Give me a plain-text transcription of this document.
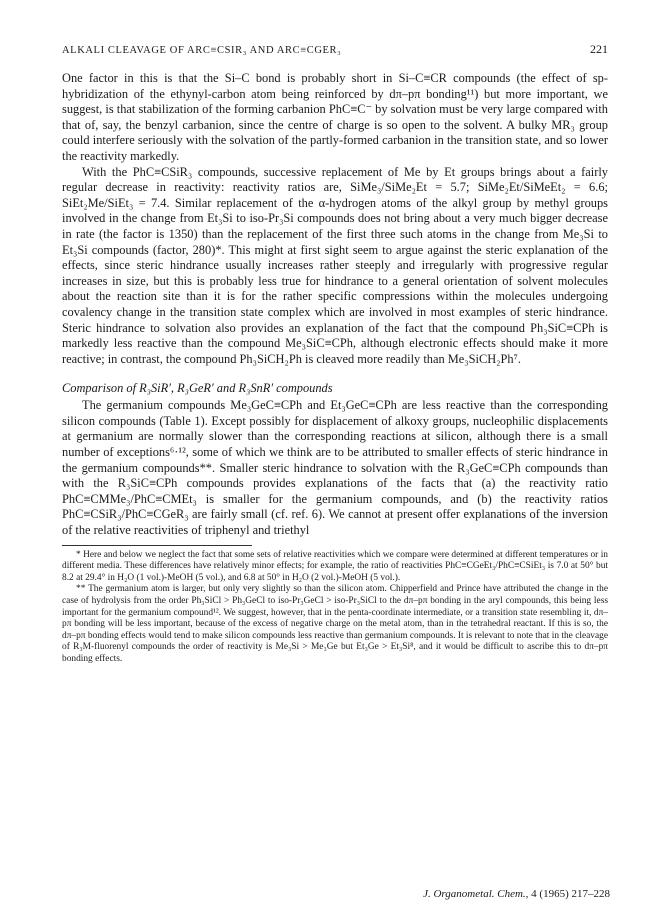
ALKALI CLEAVAGE OF ARC≡CSIR₃ AND ARC≡CGER₃	221

One factor in this is that the Si–C bond is probably short in Si–C≡CR compounds (the effect of sp-hybridization of the ethynyl-carbon atom being reinforced by dπ–pπ bonding¹¹) but more important, we suggest, is that stabilization of the forming carbanion PhC≡C⁻ by solvation must be very large compared with that of, say, the benzyl carbanion, since the centre of charge is so open to the solvent. A bulky MR₃ group could interfere seriously with the solvation of the partly-formed carbanion in the transition state, and so lower the reactivity markedly.

With the PhC≡CSiR₃ compounds, successive replacement of Me by Et groups brings about a fairly regular decrease in reactivity: reactivity ratios are, SiMe₃/SiMe₂Et = 5.7; SiMe₂Et/SiMeEt₂ = 6.6; SiEt₂Me/SiEt₃ = 7.4. Similar replacement of the α-hydrogen atoms of the alkyl group by methyl groups involved in the change from Et₃Si to iso-Pr₃Si compounds does not bring about a very much bigger decrease in rate (the factor is 1350) than the replacement of the first three such atoms in the change from Me₃Si to Et₃Si compounds (factor, 280)*. This might at first sight seem to argue against the steric explanation of the effects, since steric hindrance usually increases rather steeply and irregularly with progressive regular increases in size, but this is probably less true for hindrance to a general orientation of solvent molecules about the reaction site than it is for the rather specific compressions within the molecules undergoing covalency change in the transition state complex which are involved in most examples of steric hindrance. Steric hindrance to solvation also provides an explanation of the fact that the compound Ph₃SiC≡CPh is markedly less reactive than the compound Me₃SiC≡CPh, although electronic effects should make it more reactive; in contrast, the compound Ph₃SiCH₂Ph is cleaved more readily than Me₃SiCH₂Ph⁷.

Comparison of R₃SiR′, R₃GeR′ and R₃SnR′ compounds

The germanium compounds Me₃GeC≡CPh and Et₃GeC≡CPh are less reactive than the corresponding silicon compounds (Table 1). Except possibly for displacement of alkoxy groups, nucleophilic displacements at germanium are normally slower than the corresponding reactions at silicon, although there is a small number of exceptions⁶·¹², some of which we think are to be attributed to smaller effects of steric hindrance in the germanium compounds**. Smaller steric hindrance to solvation with the R₃GeC≡CPh compounds than with the R₃SiC≡CPh compounds provides explanations of the facts that (a) the reactivity ratio PhC≡CMMe₃/PhC≡CMEt₃ is smaller for the germanium compounds, and (b) the reactivity ratios PhC≡CSiR₃/PhC≡CGeR₃ are fairly small (cf. ref. 6). We cannot at present offer explanations of the inversion of the relative reactivities of triphenyl and triethyl

* Here and below we neglect the fact that some sets of relative reactivities which we compare were determined at different temperatures or in different media. These differences have relatively minor effects; for example, the ratio of reactivities PhC≡CGeEt₃/PhC≡CSiEt₃ is 7.0 at 50° but 8.2 at 29.4° in H₂O (1 vol.)-MeOH (5 vol.), and 6.8 at 50° in H₂O (2 vol.)-MeOH (5 vol.).

** The germanium atom is larger, but only very slightly so than the silicon atom. Chipperfield and Prince have attributed the change in the case of hydrolysis from the order Ph₃SiCl > Ph₃GeCl to iso-Pr₃GeCl > iso-Pr₃SiCl to the dπ–pπ bonding in the aryl compounds, this being less important for the germanium compound¹². We suggest, however, that in the penta-coordinate intermediate, or a transition state resembling it, dπ–pπ bonding will be less important, because of the excess of negative charge on the metal atom, than in the tetrahedral reactant. If this is so, the dπ–pπ bonding effects would tend to make silicon compounds less reactive than germanium compounds. It is relevant to note that in the cleavage of R₃M-fluorenyl compounds the order of reactivity is Me₃Si > Me₃Ge but Et₃Ge > Et₃Si⁸, and it would be difficult to ascribe this to dπ–pπ bonding effects.

J. Organometal. Chem., 4 (1965) 217–228
